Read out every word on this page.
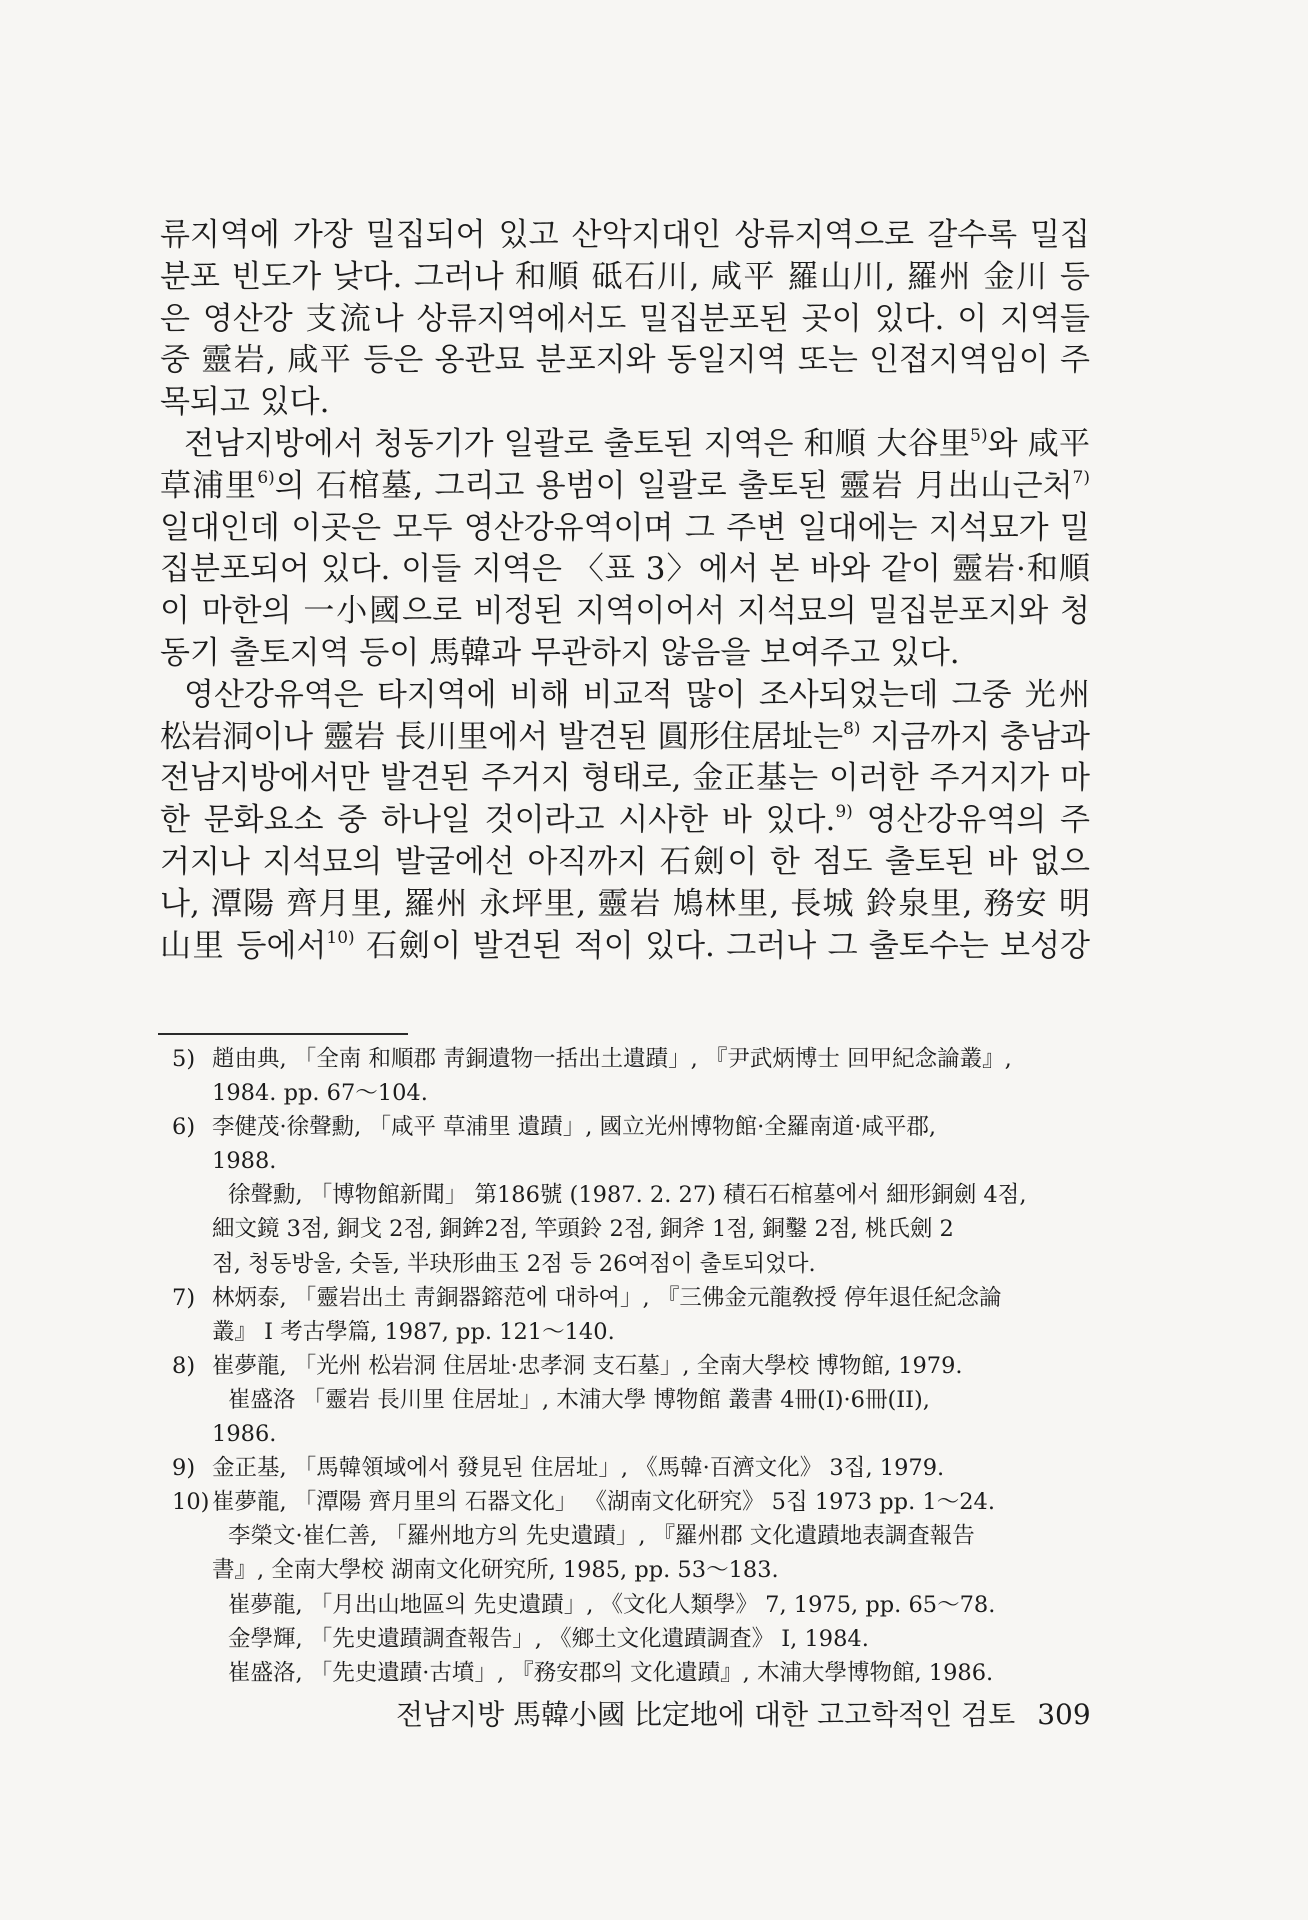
류지역에 가장 밀집되어 있고 산악지대인 상류지역으로 갈수록 밀집
분포 빈도가 낮다. 그러나 和順 砥石川, 咸平 羅山川, 羅州 金川 등
은 영산강 支流나 상류지역에서도 밀집분포된 곳이 있다. 이 지역들
중 靈岩, 咸平 등은 옹관묘 분포지와 동일지역 또는 인접지역임이 주
목되고 있다.
전남지방에서 청동기가 일괄로 출토된 지역은 和順 大谷里$^{5)}$와 咸平
草浦里$^{6)}$의 石棺墓, 그리고 용범이 일괄로 출토된 靈岩 月出山근처$^{7)}$
일대인데 이곳은 모두 영산강유역이며 그 주변 일대에는 지석묘가 밀
집분포되어 있다. 이들 지역은 〈표 3〉에서 본 바와 같이 靈岩·和順
이 마한의 一小國으로 비정된 지역이어서 지석묘의 밀집분포지와 청
동기 출토지역 등이 馬韓과 무관하지 않음을 보여주고 있다.
영산강유역은 타지역에 비해 비교적 많이 조사되었는데 그중 光州
松岩洞이나 靈岩 長川里에서 발견된 圓形住居址는$^{8)}$ 지금까지 충남과
전남지방에서만 발견된 주거지 형태로, 金正基는 이러한 주거지가 마
한 문화요소 중 하나일 것이라고 시사한 바 있다.$^{9)}$ 영산강유역의 주
거지나 지석묘의 발굴에선 아직까지 石劍이 한 점도 출토된 바 없으
나, 潭陽 齊月里, 羅州 永坪里, 靈岩 鳩林里, 長城 鈴泉里, 務安 明
山里 등에서$^{10)}$ 石劍이 발견된 적이 있다. 그러나 그 출토수는 보성강
5) 趙由典, 「全南 和順郡 靑銅遺物一括出土遺蹟」, 『尹武炳博士 回甲紀念論叢』,
1984. pp. 67～104.
6) 李健茂·徐聲勳, 「咸平 草浦里 遺蹟」, 國立光州博物館·全羅南道·咸平郡,
1988.
徐聲勳, 「博物館新聞」 第186號 (1987. 2. 27) 積石石棺墓에서 細形銅劍 4점,
細文鏡 3점, 銅戈 2점, 銅鉾2점, 竿頭鈴 2점, 銅斧 1점, 銅鑿 2점, 桃氏劍 2
점, 청동방울, 숫돌, 半玦形曲玉 2점 등 26여점이 출토되었다.
7) 林炳泰, 「靈岩出土 靑銅器鎔范에 대하여」, 『三佛金元龍敎授 停年退任紀念論
叢』 I 考古學篇, 1987, pp. 121～140.
8) 崔夢龍, 「光州 松岩洞 住居址·忠孝洞 支石墓」, 全南大學校 博物館, 1979.
崔盛洛 「靈岩 長川里 住居址」, 木浦大學 博物館 叢書 4冊(I)·6冊(II),
1986.
9) 金正基, 「馬韓領域에서 發見된 住居址」, 《馬韓·百濟文化》 3집, 1979.
10) 崔夢龍, 「潭陽 齊月里의 石器文化」 《湖南文化研究》 5집 1973 pp. 1～24.
李榮文·崔仁善, 「羅州地方의 先史遺蹟」, 『羅州郡 文化遺蹟地表調査報告
書』, 全南大學校 湖南文化研究所, 1985, pp. 53～183.
崔夢龍, 「月出山地區의 先史遺蹟」, 《文化人類學》 7, 1975, pp. 65～78.
金學輝, 「先史遺蹟調査報告」, 《鄉土文化遺蹟調査》 I, 1984.
崔盛洛, 「先史遺蹟·古墳」, 『務安郡의 文化遺蹟』, 木浦大學博物館, 1986.
전남지방 馬韓小國 比定地에 대한 고고학적인 검토 309
